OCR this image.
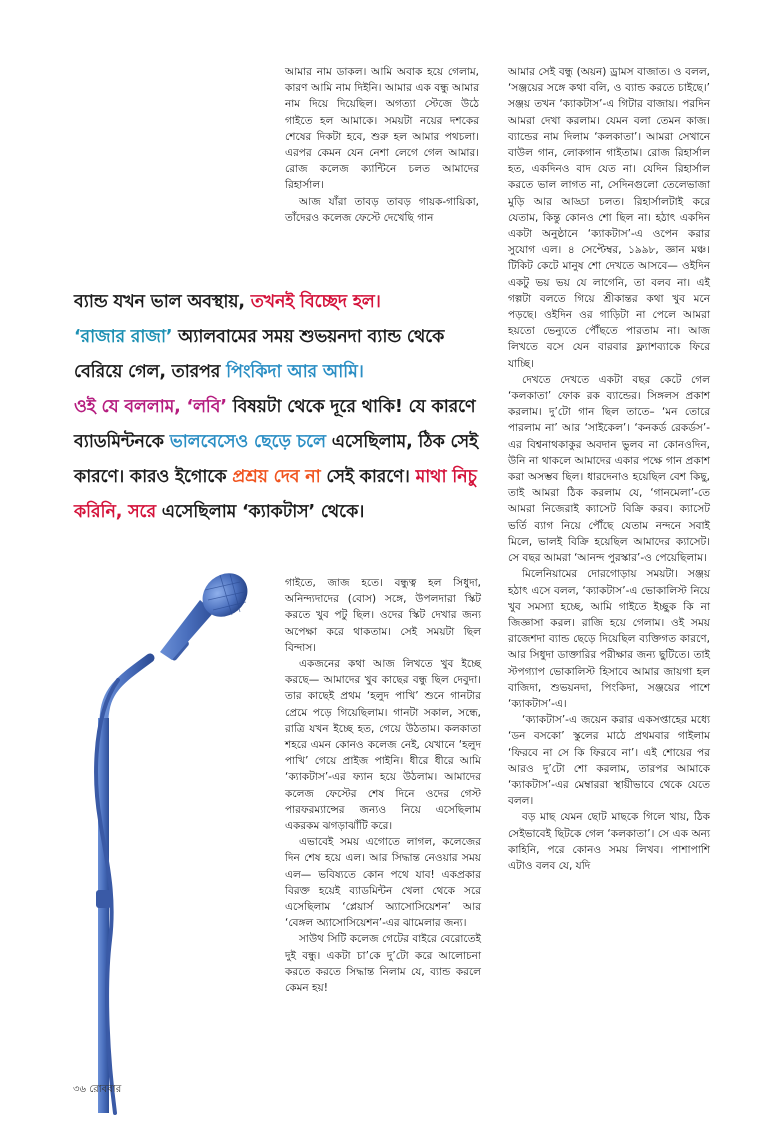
আমার নাম ডাকল। আমি অবাক হয়ে গেলাম, কারণ আমি নাম দিইনি। আমার এক বন্ধু আমার নাম দিয়ে দিয়েছিল। অগত্যা স্টেজে উঠে গাইতে হল আমাকে। সময়টা নয়ের দশকের শেষের দিকটা হবে, শুরু হল আমার পথচলা। এরপর কেমন যেন নেশা লেগে গেল আমার। রোজ কলেজ ক্যান্টিনে চলত আমাদের রিহার্সাল।

আজ যাঁরা তাবড় তাবড় গায়ক-গায়িকা, তাঁদেরও কলেজ ফেস্টে দেখেছি গান

ব্যান্ড যখন ভাল অবস্থায়, তখনই বিচ্ছেদ হল।
‘রাজার রাজা’ অ্যালবামের সময় শুভয়নদা ব্যান্ড থেকে বেরিয়ে গেল, তারপর পিংকিদা আর আমি।
ওই যে বললাম, ‘লবি’ বিষয়টা থেকে দূরে থাকি! যে কারণে ব্যাডমিন্টনকে ভালবেসেও ছেড়ে চলে এসেছিলাম, ঠিক সেই কারণে। কারও ইগোকে প্রশ্রয় দেব না সেই কারণে। মাথা নিচু করিনি, সরে এসেছিলাম ‘ক্যাকটাস’ থেকে।

গাইতে, জাজ হতে। বন্ধুত্ব হল সিধুদা, অনিন্দ্যদাদের (বোস) সঙ্গে, উপলদারা স্কিট করতে খুব পটু ছিল। ওদের স্কিট দেখার জন্য অপেক্ষা করে থাকতাম। সেই সময়টা ছিল বিন্দাস।

একজনের কথা আজ লিখতে খুব ইচ্ছে করছে— আমাদের খুব কাছের বন্ধু ছিল দেবুদা। তার কাছেই প্রথম ‘হলুদ পাখি’ শুনে গানটার প্রেমে পড়ে গিয়েছিলাম। গানটা সকাল, সন্ধে, রাত্রি যখন ইচ্ছে হত, গেয়ে উঠতাম। কলকাতা শহরে এমন কোনও কলেজ নেই, যেখানে ‘হলুদ পাখি’ গেয়ে প্রাইজ পাইনি। ধীরে ধীরে আমি ‘ক্যাকটাস’-এর ফ্যান হয়ে উঠলাম। আমাদের কলেজ ফেস্টের শেষ দিনে ওদের গেস্ট পারফরম্যান্সের জন্যও নিয়ে এসেছিলাম একরকম ঝগড়াঝাঁটি করে।

এভাবেই সময় এগোতে লাগল, কলেজের দিন শেষ হয়ে এল। আর সিদ্ধান্ত নেওয়ার সময় এল— ভবিষ্যতে কোন পথে যাব! একপ্রকার বিরক্ত হয়েই ব্যাডমিন্টন খেলা থেকে সরে এসেছিলাম ‘প্লেয়ার্স অ্যাসোসিয়েশন’ আর ‘বেঙ্গল অ্যাসোসিয়েশন’-এর ঝামেলার জন্য।

সাউথ সিটি কলেজ গেটের বাইরে বেরোতেই দুই বন্ধু। একটা চা’কে দু’টো করে আলোচনা করতে করতে সিদ্ধান্ত নিলাম যে, ব্যান্ড করলে কেমন হয়!

আমার সেই বন্ধু (অয়ন) ড্রামস বাজাত। ও বলল, ‘সঞ্জয়ের সঙ্গে কথা বলি, ও ব্যান্ড করতে চাইছে।’ সঞ্জয় তখন ‘ক্যাকটাস’-এ গিটার বাজায়। পরদিন আমরা দেখা করলাম। যেমন বলা তেমন কাজ। ব্যান্ডের নাম দিলাম ‘কলকাতা’। আমরা সেখানে বাউল গান, লোকগান গাইতাম। রোজ রিহার্সাল হত, একদিনও বাদ যেত না। যেদিন রিহার্সাল করতে ভাল লাগত না, সেদিনগুলো তেলেভাজা মুড়ি আর আড্ডা চলত। রিহার্সালটাই করে যেতাম, কিন্তু কোনও শো ছিল না। হঠাৎ একদিন একটা অনুষ্ঠানে ‘ক্যাকটাস’-এ ওপেন করার সুযোগ এল। ৪ সেপ্টেম্বর, ১৯৯৮, জ্ঞান মঞ্চ। টিকিট কেটে মানুষ শো দেখতে আসবে— ওইদিন একটু ভয় ভয় যে লাগেনি, তা বলব না। এই গল্পটা বলতে গিয়ে শ্রীকান্তর কথা খুব মনে পড়ছে। ওইদিন ওর গাড়িটা না পেলে আমরা হয়তো ভেন্যুতে পৌঁছতে পারতাম না। আজ লিখতে বসে যেন বারবার ফ্ল্যাশব্যাকে ফিরে যাচ্ছি।

দেখতে দেখতে একটা বছর কেটে গেল ‘কলকাতা’ ফোক রক ব্যান্ডের। সিঙ্গলস প্রকাশ করলাম। দু’টো গান ছিল তাতে– ‘মন তোরে পারলাম না’ আর ‘সাইকেল’। ‘কনকর্ড রেকর্ডস’-এর বিশ্বনাথকাকুর অবদান ভুলব না কোনওদিন, উনি না থাকলে আমাদের একার পক্ষে গান প্রকাশ করা অসম্ভব ছিল। ধারদেনাও হয়েছিল বেশ কিছু, তাই আমরা ঠিক করলাম যে, ‘গানমেলা’-তে আমরা নিজেরাই ক্যাসেট বিক্রি করব। ক্যাসেট ভর্তি ব্যাগ নিয়ে পৌঁছে যেতাম নন্দনে সবাই মিলে, ভালই বিক্রি হয়েছিল আমাদের ক্যাসেট। সে বছর আমরা ‘আনন্দ পুরস্কার’-ও পেয়েছিলাম।

মিলেনিয়ামের দোরগোড়ায় সময়টা। সঞ্জয় হঠাৎ এসে বলল, ‘ক্যাকটাস’-এ ভোকালিস্ট নিয়ে খুব সমস্যা হচ্ছে, আমি গাইতে ইচ্ছুক কি না জিজ্ঞাসা করল। রাজি হয়ে গেলাম। ওই সময় রাজেশদা ব্যান্ড ছেড়ে দিয়েছিল ব্যক্তিগত কারণে, আর সিধুদা ডাক্তারির পরীক্ষার জন্য ছুটিতে। তাই স্টপগ্যাপ ভোকালিস্ট হিসাবে আমার জায়গা হল বাজিদা, শুভয়নদা, পিংকিদা, সঞ্জয়ের পাশে ‘ক্যাকটাস’-এ।

‘ক্যাকটাস’-এ জয়েন করার একসপ্তাহের মধ্যে ‘ডন বসকো’ স্কুলের মাঠে প্রথমবার গাইলাম ‘ফিরবে না সে কি ফিরবে না’। এই শোয়ের পর আরও দু’টো শো করলাম, তারপর আমাকে ‘ক্যাকটাস’-এর মেম্বাররা স্থায়ীভাবে থেকে যেতে বলল।

বড় মাছ যেমন ছোট মাছকে গিলে খায়, ঠিক সেইভাবেই ছিটকে গেল ‘কলকাতা’। সে এক অন্য কাহিনি, পরে কোনও সময় লিখব। পাশাপাশি এটাও বলব যে, যদি

৩৬ রোববার
